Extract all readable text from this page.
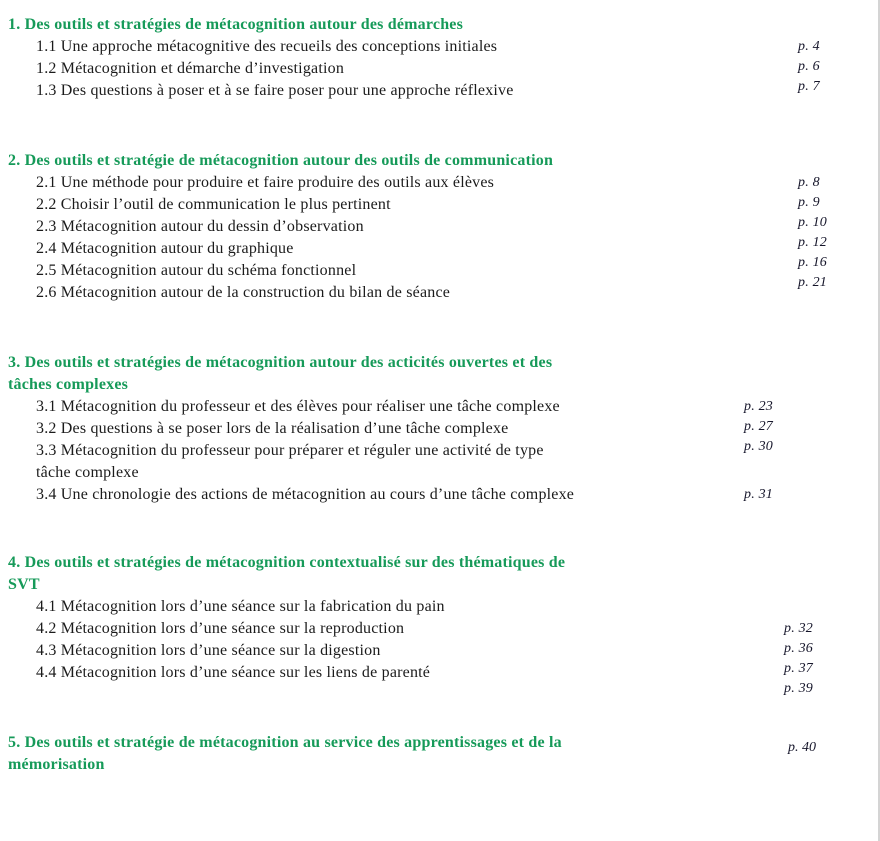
1. Des outils et stratégies de métacognition autour des démarches
1.1 Une approche métacognitive des recueils des conceptions initiales
1.2 Métacognition et démarche d’investigation
1.3 Des questions à poser et à se faire poser pour une approche réflexive
p. 4
p. 6
p. 7
2. Des outils et stratégie de métacognition autour des outils de communication
2.1 Une méthode pour produire et faire produire des outils aux élèves
2.2 Choisir l’outil de communication le plus pertinent
2.3 Métacognition autour du dessin d’observation
2.4 Métacognition autour du graphique
2.5 Métacognition autour du schéma fonctionnel
2.6 Métacognition autour de la construction du bilan de séance
p. 8
p. 9
p. 10
p. 12
p. 16
p. 21
3. Des outils et stratégies de métacognition autour des acticités ouvertes et des
tâches complexes
3.1 Métacognition du professeur et des élèves pour réaliser une tâche complexe
3.2 Des questions à se poser lors de la réalisation d’une tâche complexe
3.3 Métacognition du professeur pour préparer et réguler une activité de type
tâche complexe
3.4 Une chronologie des actions de métacognition au cours d’une tâche complexe
p. 23
p. 27
p. 30
p. 31
4. Des outils et stratégies de métacognition contextualisé sur des thématiques de
SVT
4.1 Métacognition lors d’une séance sur la fabrication du pain
4.2 Métacognition lors d’une séance sur la reproduction
4.3 Métacognition lors d’une séance sur la digestion
4.4 Métacognition lors d’une séance sur les liens de parenté
p. 32
p. 36
p. 37
p. 39
5. Des outils et stratégie de métacognition au service des apprentissages et de la
mémorisation
p. 40
